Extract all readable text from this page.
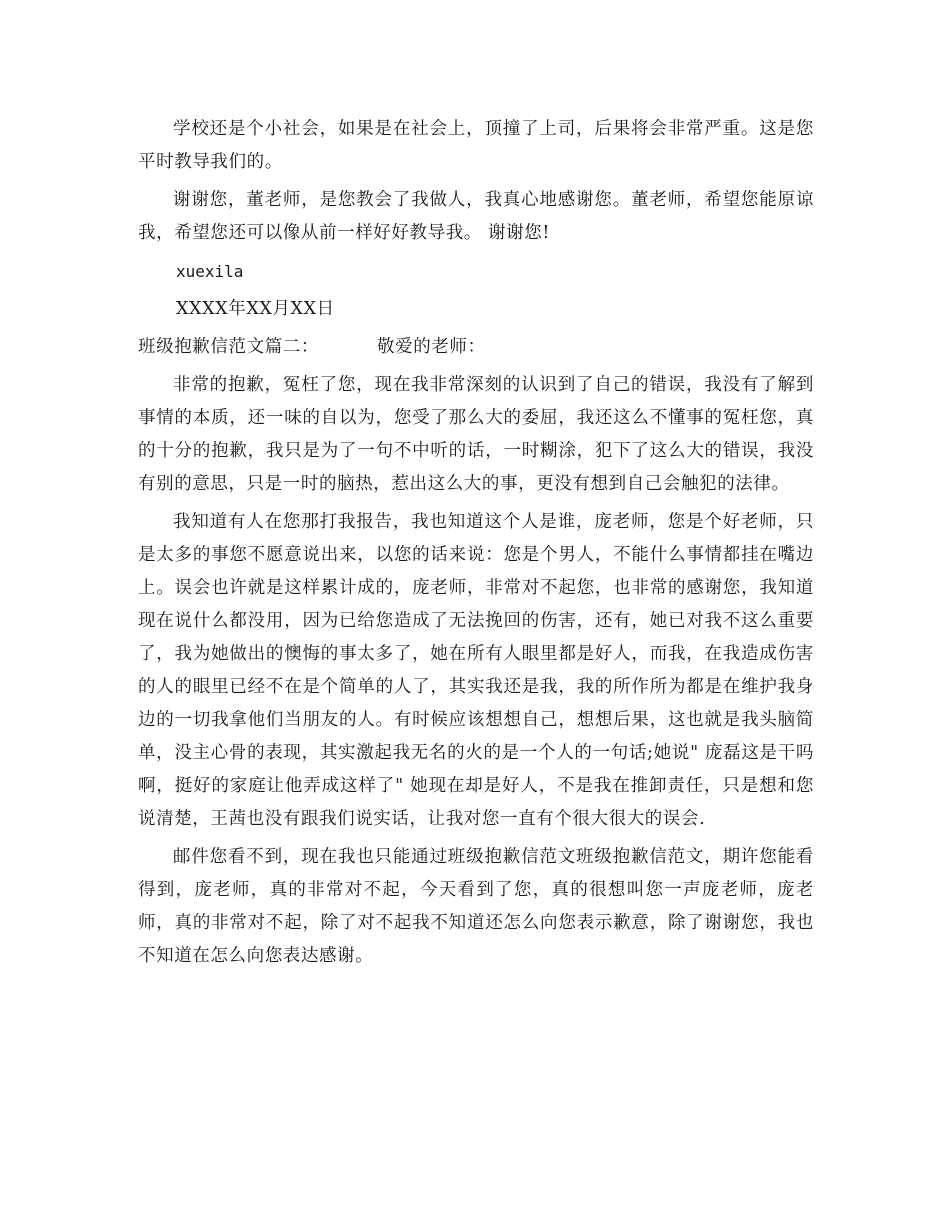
学校还是个小社会，如果是在社会上，顶撞了上司，后果将会非常严重。这是您平时教导我们的。

谢谢您，董老师，是您教会了我做人，我真心地感谢您。董老师，希望您能原谅我，希望您还可以像从前一样好好教导我。 谢谢您!

xuexila

XXXX年XX月XX日

班级抱歉信范文篇二：	敬爱的老师：

非常的抱歉，冤枉了您，现在我非常深刻的认识到了自己的错误，我没有了解到事情的本质，还一味的自以为，您受了那么大的委屈，我还这么不懂事的冤枉您，真的十分的抱歉，我只是为了一句不中听的话，一时糊涂，犯下了这么大的错误，我没有别的意思，只是一时的脑热，惹出这么大的事，更没有想到自己会触犯的法律。

我知道有人在您那打我报告，我也知道这个人是谁，庞老师，您是个好老师，只是太多的事您不愿意说出来，以您的话来说：您是个男人，不能什么事情都挂在嘴边上。误会也许就是这样累计成的，庞老师，非常对不起您，也非常的感谢您，我知道现在说什么都没用，因为已给您造成了无法挽回的伤害，还有，她已对我不这么重要了，我为她做出的懊悔的事太多了，她在所有人眼里都是好人，而我，在我造成伤害的人的眼里已经不在是个简单的人了，其实我还是我，我的所作所为都是在维护我身边的一切我拿他们当朋友的人。有时候应该想想自己，想想后果，这也就是我头脑简单，没主心骨的表现，其实激起我无名的火的是一个人的一句话;她说" 庞磊这是干吗啊，挺好的家庭让他弄成这样了" 她现在却是好人，不是我在推卸责任，只是想和您说清楚，王茜也没有跟我们说实话，让我对您一直有个很大很大的误会.

邮件您看不到，现在我也只能通过班级抱歉信范文班级抱歉信范文，期许您能看得到，庞老师，真的非常对不起，今天看到了您，真的很想叫您一声庞老师，庞老师，真的非常对不起，除了对不起我不知道还怎么向您表示歉意，除了谢谢您，我也不知道在怎么向您表达感谢。
